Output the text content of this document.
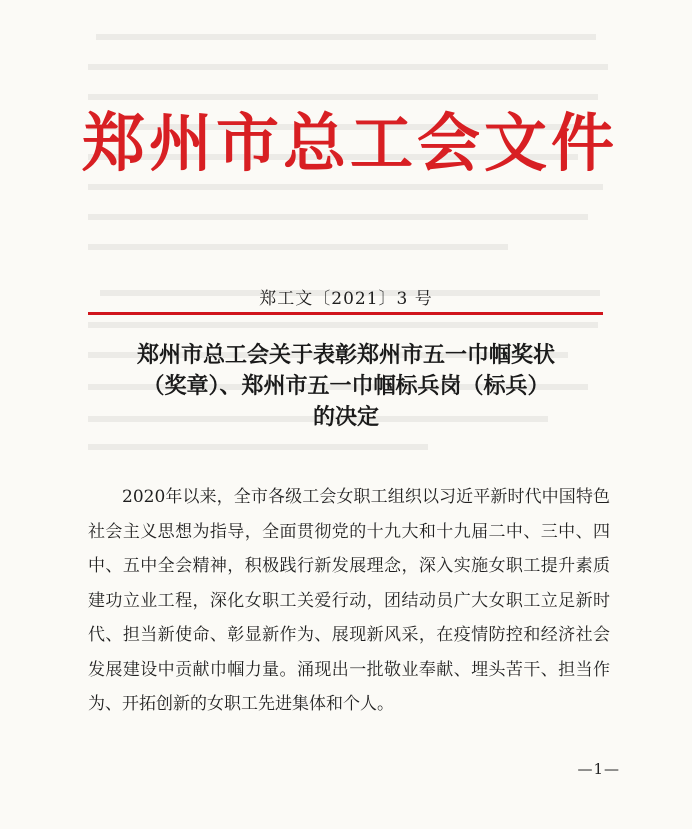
郑州市总工会文件
郑工文〔2021〕3 号
郑州市总工会关于表彰郑州市五一巾帼奖状
（奖章）、郑州市五一巾帼标兵岗（标兵）
的决定

2020年以来，全市各级工会女职工组织以习近平新时代中国特色社会主义思想为指导，全面贯彻党的十九大和十九届二中、三中、四中、五中全会精神，积极践行新发展理念，深入实施女职工提升素质建功立业工程，深化女职工关爱行动，团结动员广大女职工立足新时代、担当新使命、彰显新作为、展现新风采，在疫情防控和经济社会发展建设中贡献巾帼力量。涌现出一批敬业奉献、埋头苦干、担当作为、开拓创新的女职工先进集体和个人。

—1—
